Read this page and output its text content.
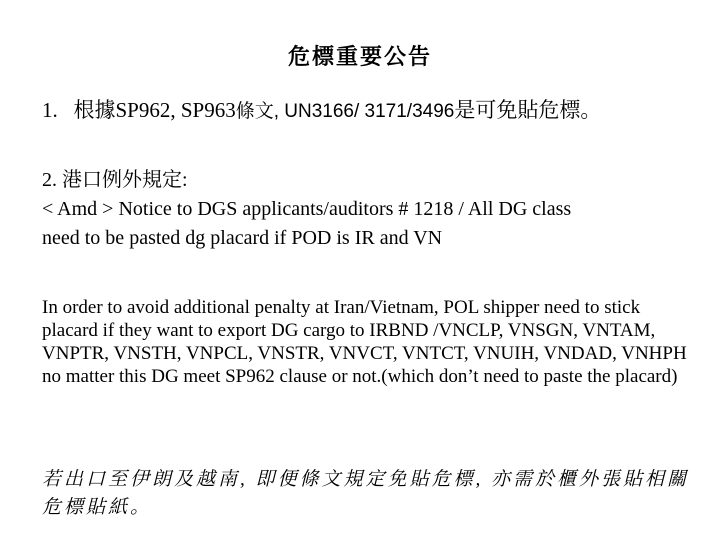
危標重要公告
1. 根據SP962, SP963條文, UN3166/ 3171/3496是可免貼危標。
2. 港口例外規定:
< Amd > Notice to DGS applicants/auditors # 1218 / All DG class
need to be pasted dg placard if POD is IR and VN
In order to avoid additional penalty at Iran/Vietnam, POL shipper need to stick placard if they want to export DG cargo to IRBND /VNCLP, VNSGN, VNTAM, VNPTR, VNSTH, VNPCL, VNSTR, VNVCT, VNTCT, VNUIH, VNDAD, VNHPH no matter this DG meet SP962 clause or not.(which don’t need to paste the placard)
若出口至伊朗及越南, 即便條文規定免貼危標, 亦需於櫃外張貼相關危標貼紙。
